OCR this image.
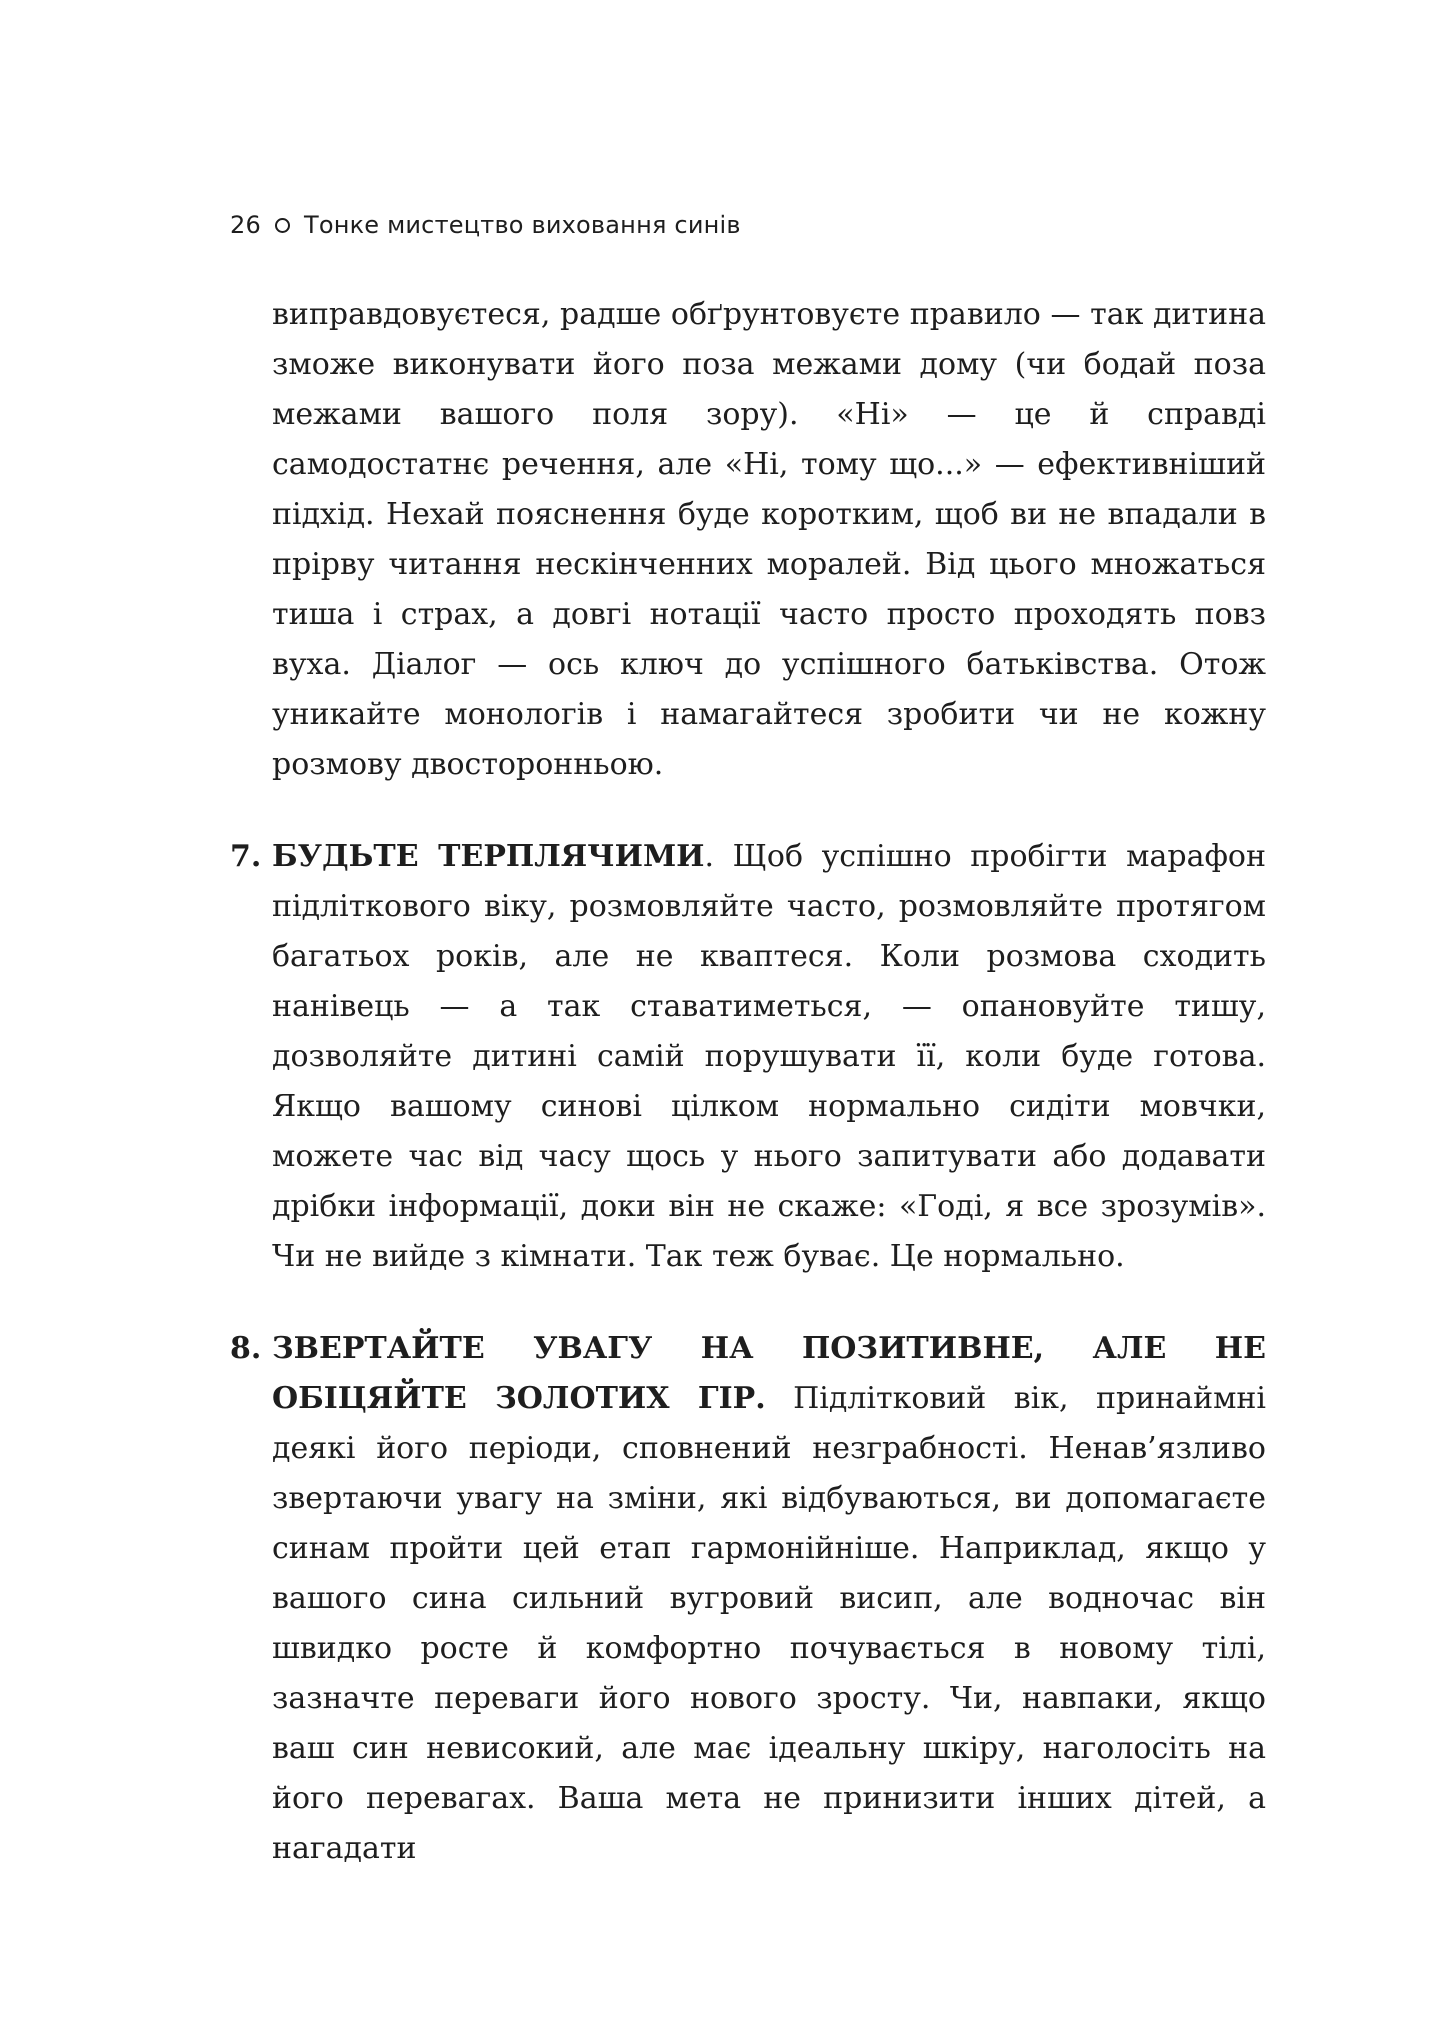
26 Тонке мистецтво виховання синів

виправдовуєтеся, радше обґрунтовуєте правило — так дитина зможе виконувати його поза межами дому (чи бодай поза межами вашого поля зору). «Ні» — це й справді самодостатнє речення, але «Ні, тому що...» — ефективніший підхід. Нехай пояснення буде коротким, щоб ви не впадали в прірву читання нескінченних моралей. Від цього множаться тиша і страх, а довгі нотації часто просто проходять повз вуха. Діалог — ось ключ до успішного батьківства. Отож уникайте монологів і намагайтеся зробити чи не кожну розмову двосторонньою.

7. БУДЬТЕ ТЕРПЛЯЧИМИ. Щоб успішно пробігти марафон підліткового віку, розмовляйте часто, розмовляйте протягом багатьох років, але не кваптеся. Коли розмова сходить нанівець — а так ставатиметься, — опановуйте тишу, дозволяйте дитині самій порушувати її, коли буде готова. Якщо вашому синові цілком нормально сидіти мовчки, можете час від часу щось у нього запитувати або додавати дрібки інформації, доки він не скаже: «Годі, я все зрозумів». Чи не вийде з кімнати. Так теж буває. Це нормально.

8. ЗВЕРТАЙТЕ УВАГУ НА ПОЗИТИВНЕ, АЛЕ НЕ ОБІЦЯЙТЕ ЗОЛОТИХ ГІР. Підлітковий вік, принаймні деякі його періоди, сповнений незграбності. Ненав’язливо звертаючи увагу на зміни, які відбуваються, ви допомагаєте синам пройти цей етап гармонійніше. Наприклад, якщо у вашого сина сильний вугровий висип, але водночас він швидко росте й комфортно почувається в новому тілі, зазначте переваги його нового зросту. Чи, навпаки, якщо ваш син невисокий, але має ідеальну шкіру, наголосіть на його перевагах. Ваша мета не принизити інших дітей, а нагадати
